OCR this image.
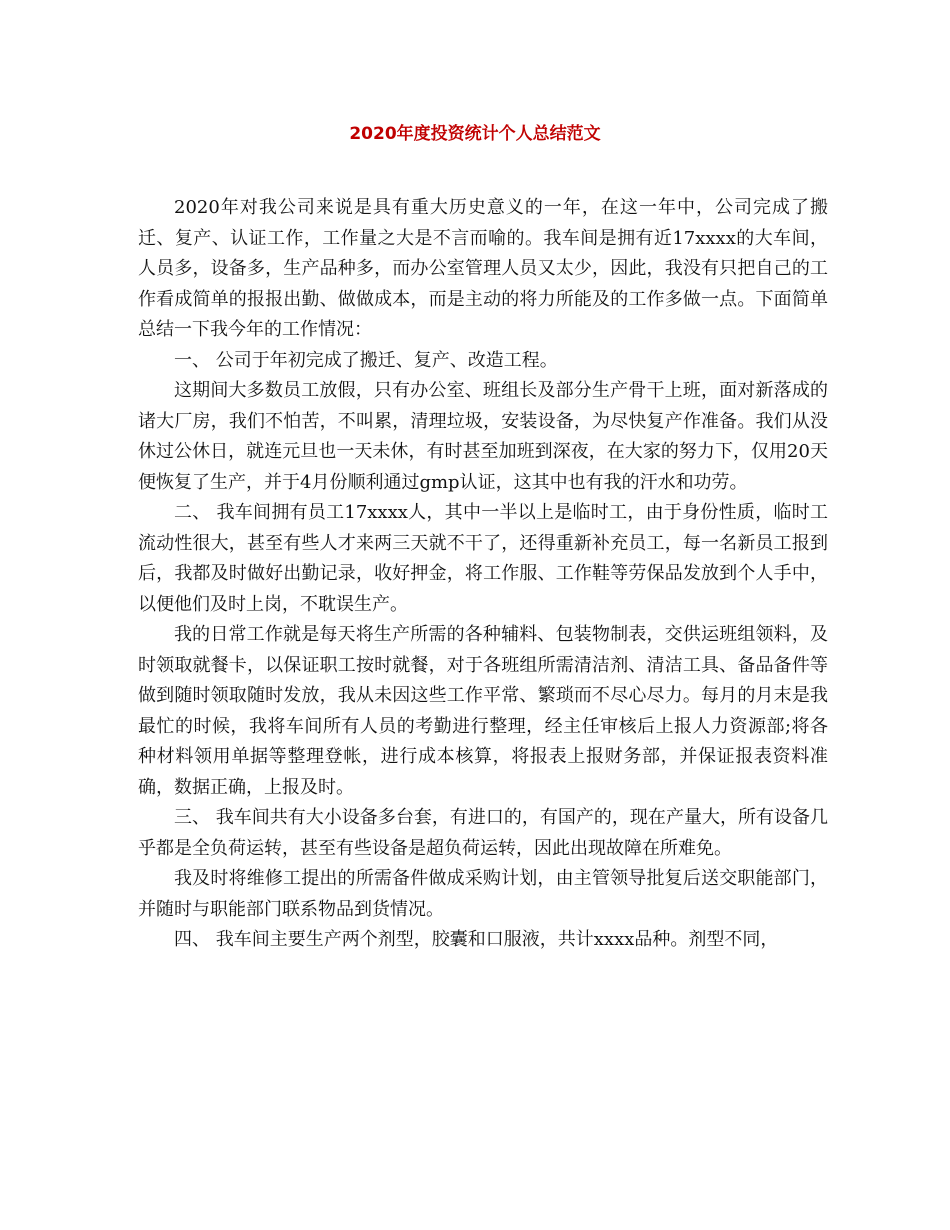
2020年度投资统计个人总结范文

2020年对我公司来说是具有重大历史意义的一年，在这一年中，公司完成了搬迁、复产、认证工作，工作量之大是不言而喻的。我车间是拥有近17xxxx的大车间，人员多，设备多，生产品种多，而办公室管理人员又太少，因此，我没有只把自己的工作看成简单的报报出勤、做做成本，而是主动的将力所能及的工作多做一点。下面简单总结一下我今年的工作情况：

一、 公司于年初完成了搬迁、复产、改造工程。

这期间大多数员工放假，只有办公室、班组长及部分生产骨干上班，面对新落成的诸大厂房，我们不怕苦，不叫累，清理垃圾，安装设备，为尽快复产作准备。我们从没休过公休日，就连元旦也一天未休，有时甚至加班到深夜，在大家的努力下，仅用20天便恢复了生产，并于4月份顺利通过gmp认证，这其中也有我的汗水和功劳。

二、 我车间拥有员工17xxxx人，其中一半以上是临时工，由于身份性质，临时工流动性很大，甚至有些人才来两三天就不干了，还得重新补充员工，每一名新员工报到后，我都及时做好出勤记录，收好押金，将工作服、工作鞋等劳保品发放到个人手中，以便他们及时上岗，不耽误生产。

我的日常工作就是每天将生产所需的各种辅料、包装物制表，交供运班组领料，及时领取就餐卡，以保证职工按时就餐，对于各班组所需清洁剂、清洁工具、备品备件等做到随时领取随时发放，我从未因这些工作平常、繁琐而不尽心尽力。每月的月末是我最忙的时候，我将车间所有人员的考勤进行整理，经主任审核后上报人力资源部;将各种材料领用单据等整理登帐，进行成本核算，将报表上报财务部，并保证报表资料准确，数据正确，上报及时。

三、 我车间共有大小设备多台套，有进口的，有国产的，现在产量大，所有设备几乎都是全负荷运转，甚至有些设备是超负荷运转，因此出现故障在所难免。

我及时将维修工提出的所需备件做成采购计划，由主管领导批复后送交职能部门，并随时与职能部门联系物品到货情况。

四、 我车间主要生产两个剂型，胶囊和口服液，共计xxxx品种。剂型不同，
